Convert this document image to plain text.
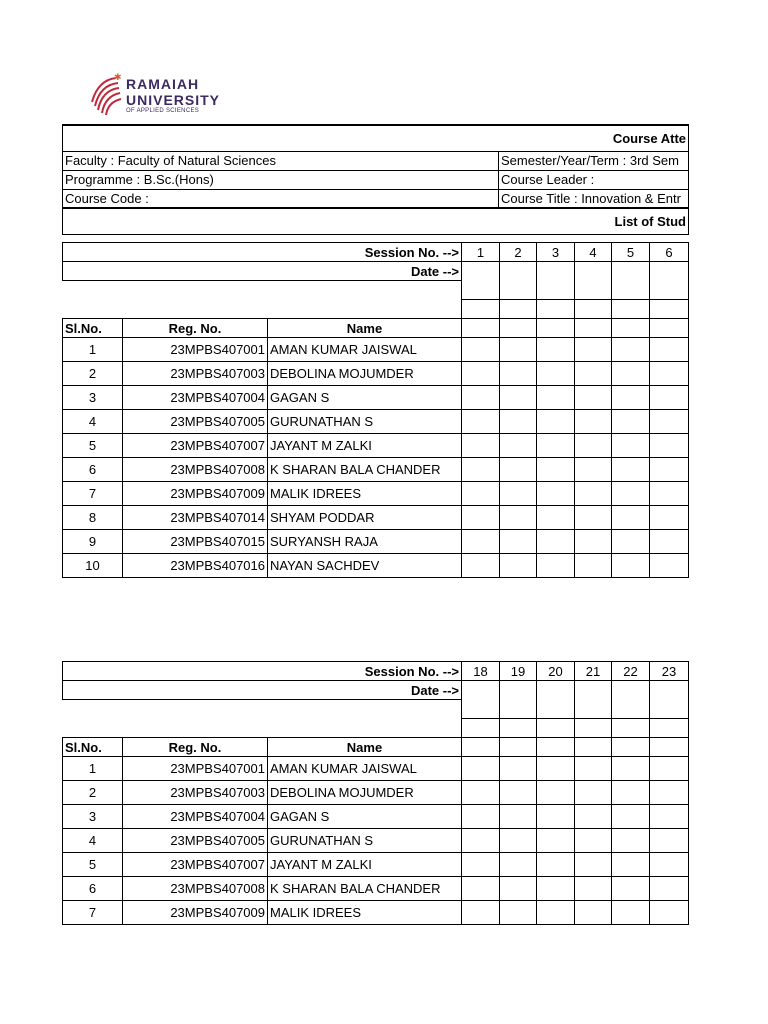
✱ RAMAIAH
UNIVERSITY
OF APPLIED SCIENCES
Course Atte	
Faculty : Faculty of Natural Sciences	Semester/Year/Term : 3rd Sem
Programme : B.Sc.(Hons)	Course Leader :
Course Code :	Course Title : Innovation & Entr
List of Stud	
Session No. -->			1	2	3	4	5	6
Date -->								

Sl.No.	Reg. No.	Name						
1	23MPBS407001	AMAN KUMAR JAISWAL						
2	23MPBS407003	DEBOLINA MOJUMDER						
3	23MPBS407004	GAGAN S						
4	23MPBS407005	GURUNATHAN S						
5	23MPBS407007	JAYANT M ZALKI						
6	23MPBS407008	K SHARAN BALA CHANDER						
7	23MPBS407009	MALIK IDREES						
8	23MPBS407014	SHYAM PODDAR						
9	23MPBS407015	SURYANSH RAJA						
10	23MPBS407016	NAYAN SACHDEV						
Session No. -->			18	19	20	21	22	23
Date -->								

Sl.No.	Reg. No.	Name						
1	23MPBS407001	AMAN KUMAR JAISWAL						
2	23MPBS407003	DEBOLINA MOJUMDER						
3	23MPBS407004	GAGAN S						
4	23MPBS407005	GURUNATHAN S						
5	23MPBS407007	JAYANT M ZALKI						
6	23MPBS407008	K SHARAN BALA CHANDER						
7	23MPBS407009	MALIK IDREES						
